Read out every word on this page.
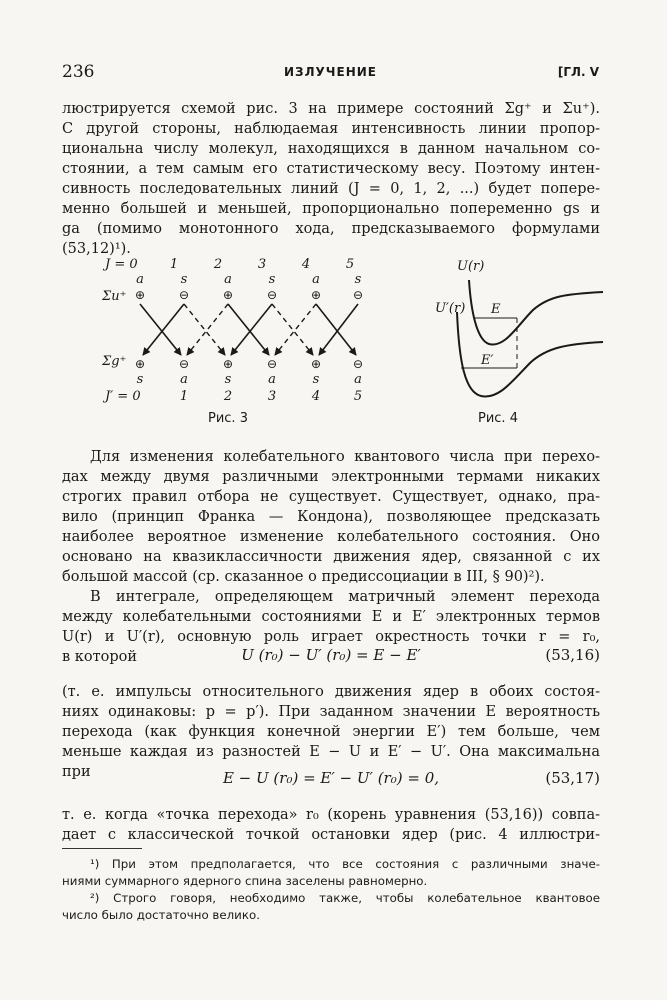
236	ИЗЛУЧЕНИЕ	[ГЛ. V
люстрируется схемой рис. 3 на примере состояний Σg⁺ и Σu⁺).
С другой стороны, наблюдаемая интенсивность линии пропор-
циональна числу молекул, находящихся в данном начальном со-
стоянии, а тем самым его статистическому весу. Поэтому интен-
сивность последовательных линий (J = 0, 1, 2, ...) будет попере-
менно большей и меньшей, пропорционально попеременно gs и
ga (помимо монотонного хода, предсказываемого формулами
(53,12)¹).
J = 0 1	2	3	4	5
a	s	a	s	a	s
Σu⁺
Σg⁺
s	a	s	a	s	a
J′ = 0	1	2	3	4	5
⊕	⊖	⊕	⊖	⊕	⊖
⊕	⊖	⊕	⊖	⊕	⊖
Рис. 3
U(r)
U′(r) E
E′
Рис. 4
Для изменения колебательного квантового числа при перехо-
дах между двумя различными электронными термами никаких
строгих правил отбора не существует. Существует, однако, пра-
вило (принцип Франка — Кондона), позволяющее предсказать
наиболее вероятное изменение колебательного состояния. Оно
основано на квазиклассичности движения ядер, связанной с их
большой массой (ср. сказанное о предиссоциации в III, § 90)²).
В интеграле, определяющем матричный элемент перехода
между колебательными состояниями E и E′ электронных термов
U(r) и U′(r), основную роль играет окрестность точки r = r₀,
в которой	U (r₀) − U′ (r₀) = E − E′	(53,16)
(т. е. импульсы относительного движения ядер в обоих состоя-
ниях одинаковы: p = p′). При заданном значении E вероятность
перехода (как функция конечной энергии E′) тем больше, чем
меньше каждая из разностей E − U и E′ − U′. Она максимальна
при	E − U (r₀) = E′ − U′ (r₀) = 0,	(53,17)
т. е. когда «точка перехода» r₀ (корень уравнения (53,16)) совпа-
дает с классической точкой остановки ядер (рис. 4 иллюстри-
¹) При этом предполагается, что все состояния с различными значе-
ниями суммарного ядерного спина заселены равномерно.
²) Строго говоря, необходимо также, чтобы колебательное квантовое
число было достаточно велико.
